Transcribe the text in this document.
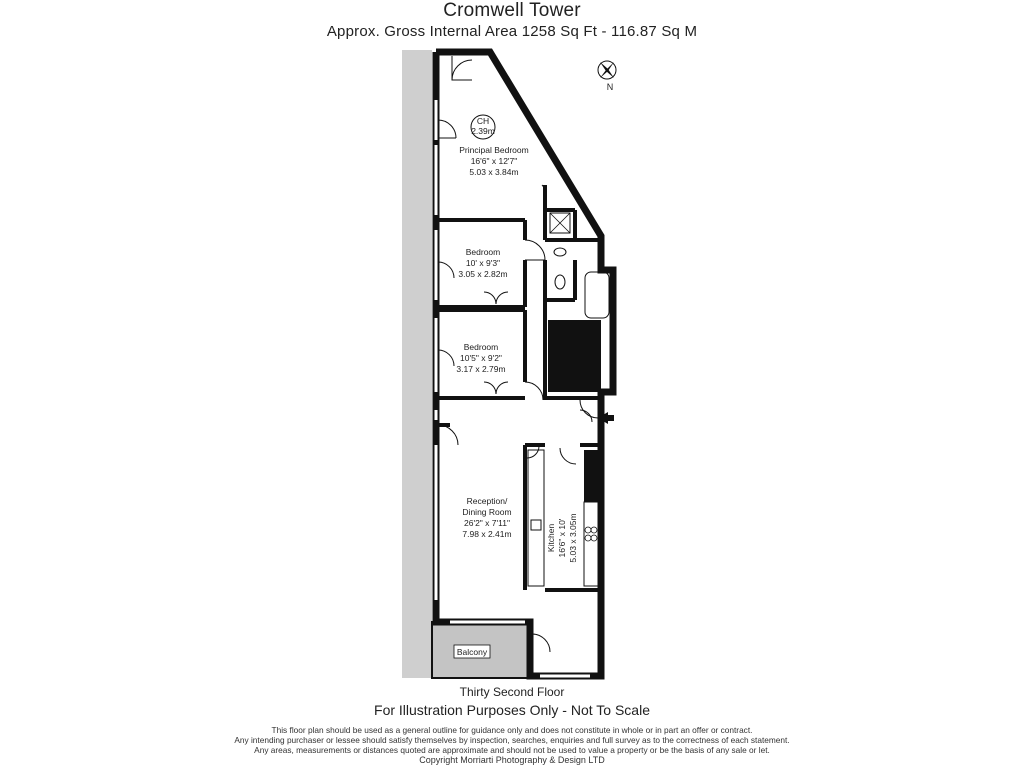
Cromwell Tower
Approx. Gross Internal Area 1258 Sq Ft - 116.87 Sq M
N
CH
2.39m
Principal Bedroom
16'6" x 12'7"
5.03 x 3.84m
Bedroom
10' x 9'3"
3.05 x 2.82m
Bedroom
10'5" x 9'2"
3.17 x 2.79m
Reception/
Dining Room
26'2" x 7'11"
7.98 x 2.41m	Kitchen 16'6" x 10' 5.03 x 3.05m
Balcony
Thirty Second Floor
For Illustration Purposes Only - Not To Scale
This floor plan should be used as a general outline for guidance only and does not constitute in whole or in part an offer or contract.
Any intending purchaser or lessee should satisfy themselves by inspection, searches, enquiries and full survey as to the correctness of each statement.
Any areas, measurements or distances quoted are approximate and should not be used to value a property or be the basis of any sale or let.
Copyright Morriarti Photography & Design LTD
